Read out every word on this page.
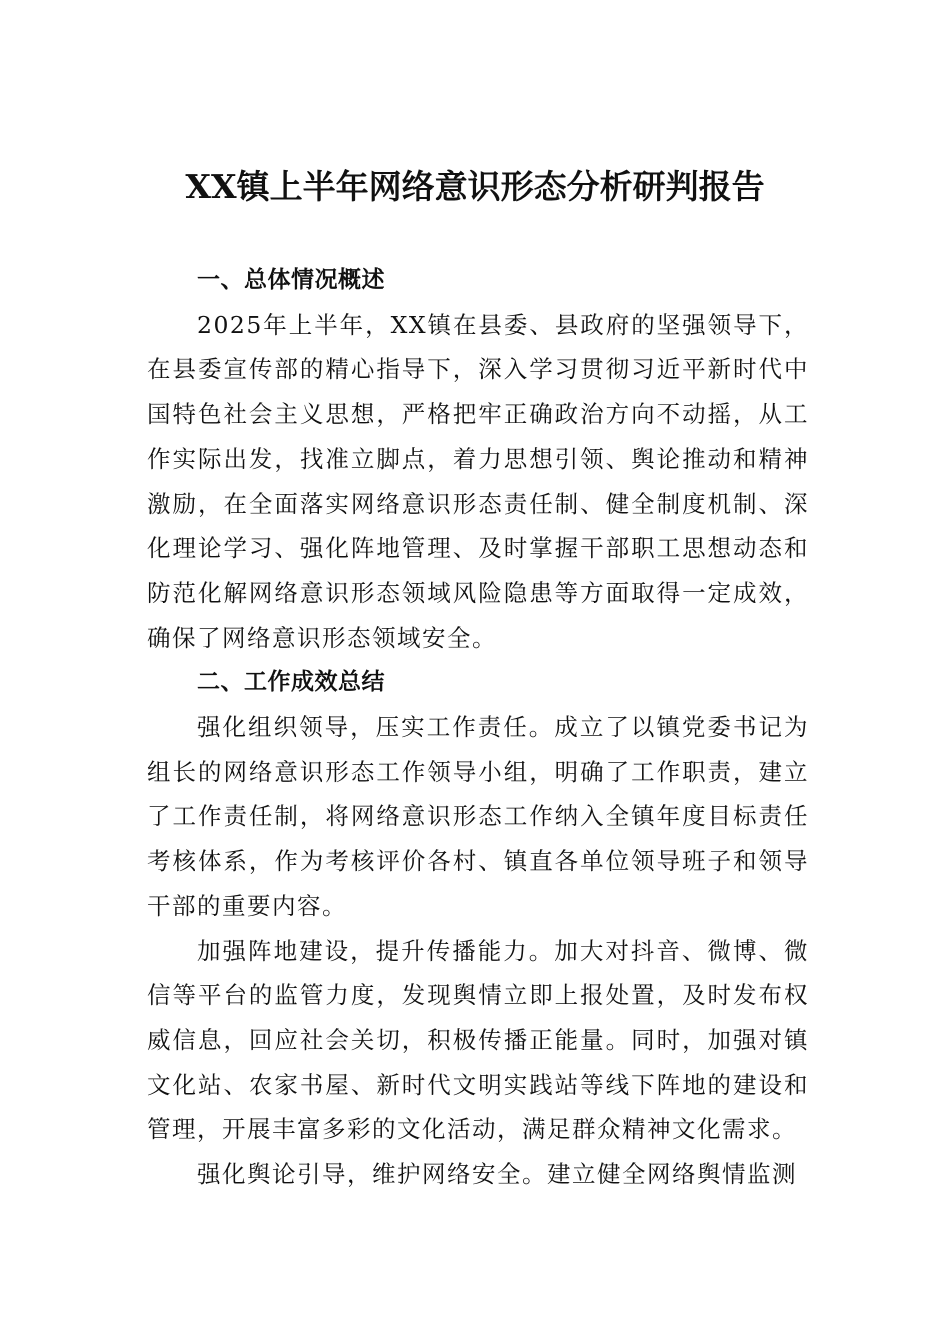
XX镇上半年网络意识形态分析研判报告

一、总体情况概述

2025年上半年，XX镇在县委、县政府的坚强领导下，在县委宣传部的精心指导下，深入学习贯彻习近平新时代中国特色社会主义思想，严格把牢正确政治方向不动摇，从工作实际出发，找准立脚点，着力思想引领、舆论推动和精神激励，在全面落实网络意识形态责任制、健全制度机制、深化理论学习、强化阵地管理、及时掌握干部职工思想动态和防范化解网络意识形态领域风险隐患等方面取得一定成效，确保了网络意识形态领域安全。

二、工作成效总结

强化组织领导，压实工作责任。成立了以镇党委书记为组长的网络意识形态工作领导小组，明确了工作职责，建立了工作责任制，将网络意识形态工作纳入全镇年度目标责任考核体系，作为考核评价各村、镇直各单位领导班子和领导干部的重要内容。

加强阵地建设，提升传播能力。加大对抖音、微博、微信等平台的监管力度，发现舆情立即上报处置，及时发布权威信息，回应社会关切，积极传播正能量。同时，加强对镇文化站、农家书屋、新时代文明实践站等线下阵地的建设和管理，开展丰富多彩的文化活动，满足群众精神文化需求。

强化舆论引导，维护网络安全。建立健全网络舆情监测
